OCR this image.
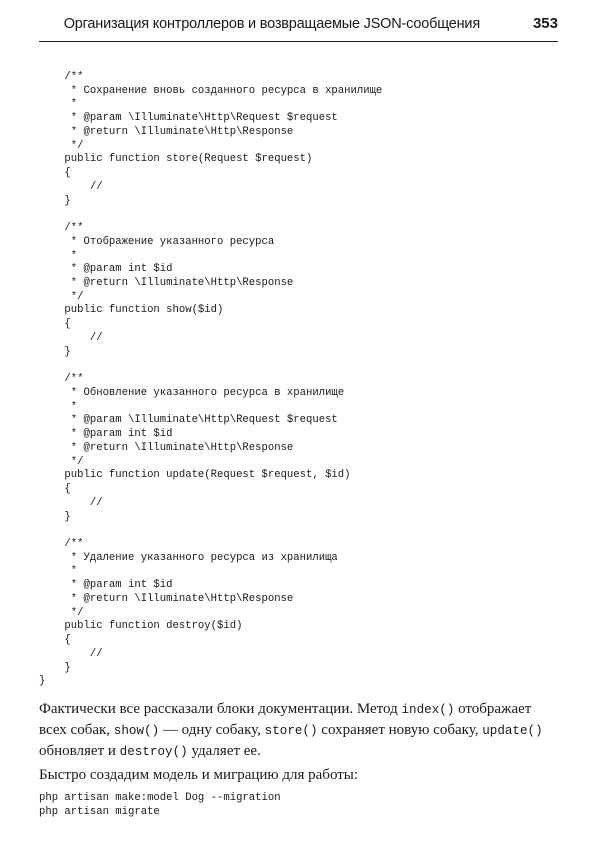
Организация контроллеров и возвращаемые JSON-сообщения	353
/**
* Сохранение вновь созданного ресурса в хранилище
*
* @param \Illuminate\Http\Request $request
* @return \Illuminate\Http\Response
*/
public function store(Request $request)
{
//
}
/**
* Отображение указанного ресурса
*
* @param int $id
* @return \Illuminate\Http\Response
*/
public function show($id)
{
//
}
/**
* Обновление указанного ресурса в хранилище
*
* @param \Illuminate\Http\Request $request
* @param int $id
* @return \Illuminate\Http\Response
*/
public function update(Request $request, $id)
{
//
}
/**
* Удаление указанного ресурса из хранилища
*
* @param int $id
* @return \Illuminate\Http\Response
*/
public function destroy($id)
{
//
}
}

Фактически все рассказали блоки документации. Метод index() отображает всех собак, show() — одну собаку, store() сохраняет новую собаку, update() обновляет и destroy() удаляет ее.

Быстро создадим модель и миграцию для работы:

php artisan make:model Dog --migration
php artisan migrate
